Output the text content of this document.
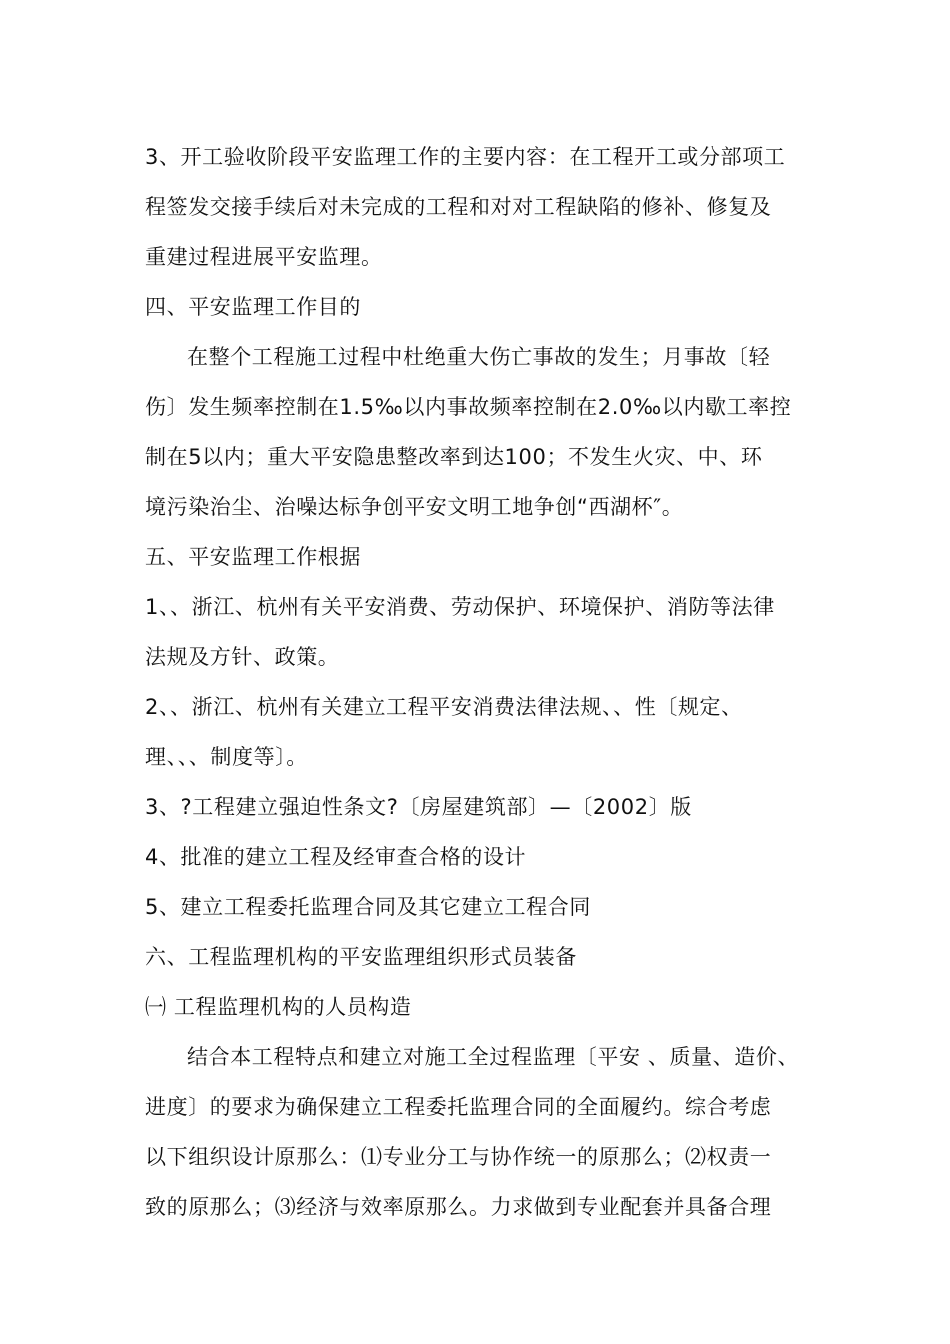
3、开工验收阶段平安监理工作的主要内容：在工程开工或分部项工
程签发交接手续后对未完成的工程和对对工程缺陷的修补、修复及
重建过程进展平安监理。
四、平安监理工作目的
在整个工程施工过程中杜绝重大伤亡事故的发生；月事故〔轻
伤〕发生频率控制在1.5‰以内事故频率控制在2.0‰以内歇工率控
制在5以内；重大平安隐患整改率到达100；不发生火灾、中、环
境污染治尘、治噪达标争创平安文明工地争创“西湖杯″。
五、平安监理工作根据
1、、浙江、杭州有关平安消费、劳动保护、环境保护、消防等法律
法规及方针、政策。
2、、浙江、杭州有关建立工程平安消费法律法规、、性〔规定、
理、、、制度等〕。
3、?工程建立强迫性条文?〔房屋建筑部〕—〔2002〕版
4、批准的建立工程及经审查合格的设计
5、建立工程委托监理合同及其它建立工程合同
六、工程监理机构的平安监理组织形式员装备
㈠ 工程监理机构的人员构造
结合本工程特点和建立对施工全过程监理〔平安 、质量、造价、
进度〕的要求为确保建立工程委托监理合同的全面履约。综合考虑
以下组织设计原那么：⑴专业分工与协作统一的原那么；⑵权责一
致的原那么；⑶经济与效率原那么。力求做到专业配套并具备合理
